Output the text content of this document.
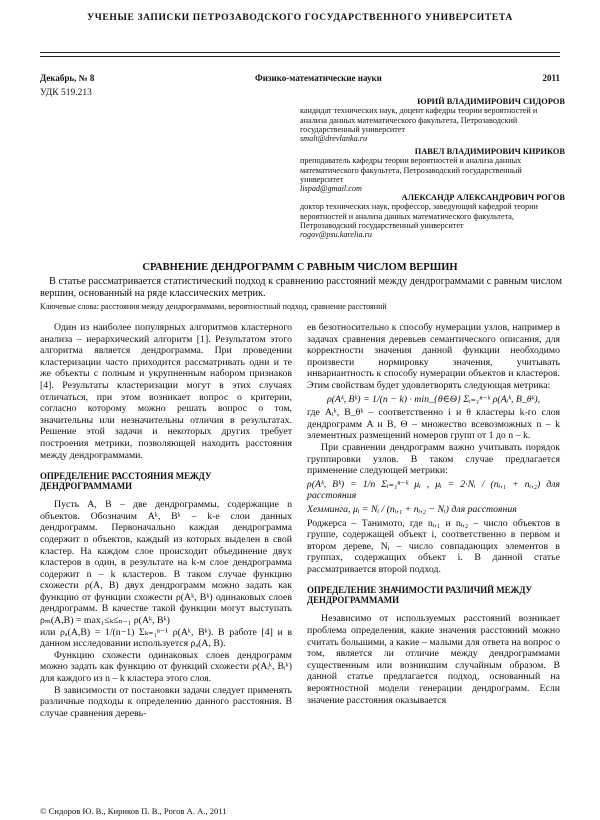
УЧЕНЫЕ ЗАПИСКИ ПЕТРОЗАВОДСКОГО ГОСУДАРСТВЕННОГО УНИВЕРСИТЕТА
Декабрь, № 8	Физико-математические науки	2011
УДК 519.213
ЮРИЙ ВЛАДИМИРОВИЧ СИДОРОВ
кандидат технических наук, доцент кафедры теории вероятностей и анализа данных математического факультета, Петрозаводский государственный университет
smalt@drevlanka.ru
ПАВЕЛ ВЛАДИМИРОВИЧ КИРИКОВ
преподаватель кафедры теории вероятностей и анализа данных математического факультета, Петрозаводский государственный университет
lispad@gmail.com
АЛЕКСАНДР АЛЕКСАНДРОВИЧ РОГОВ
доктор технических наук, профессор, заведующий кафедрой теории вероятностей и анализа данных математического факультета, Петрозаводский государственный университет
rogov@psu.karelia.ru
СРАВНЕНИЕ ДЕНДРОГРАММ С РАВНЫМ ЧИСЛОМ ВЕРШИН
В статье рассматривается статистический подход к сравнению расстояний между дендрограммами с равным числом вершин, основанный на ряде классических метрик.
Ключевые слова: расстояния между дендрограммами, вероятностный подход, сравнение расстояний

Один из наиболее популярных алгоритмов кластерного анализа – иерархический алгоритм [1]. Результатом этого алгоритма является дендрограмма. При проведении кластеризации часто приходится рассматривать одни и те же объекты с полным и укрупненным набором признаков [4]. Результаты кластеризации могут в этих случаях отличаться, при этом возникает вопрос о критерии, согласно которому можно решать вопрос о том, значительны или незначительны отличия в результатах. Решение этой задачи и некоторых других требует построения метрики, позволяющей находить расстояния между дендрограммами.

ОПРЕДЕЛЕНИЕ РАССТОЯНИЯ МЕЖДУ ДЕНДРОГРАММАМИ

Пусть A, B – две дендрограммы, содержащие n объектов. Обозначим Aᵏ, Bᵏ – k-е слои данных дендрограмм. Первоначально каждая дендрограмма содержит n объектов, каждый из которых выделен в свой кластер. На каждом слое происходит объединение двух кластеров в один, в результате на k-м слое дендрограмма содержит n – k кластеров. В таком случае функцию схожести ρ(A, B) двух дендрограмм можно задать как функцию от функции схожести ρ(Aᵏ, Bᵏ) одинаковых слоев дендрограмм. В качестве такой функции могут выступать ρₘ(A,B) = max₁≤ₖ≤ₙ₋₁ ρ(Aᵏ, Bᵏ)

или ρₐ(A,B) = 1/(n−1) Σₖ₌₁ⁿ⁻¹ ρ(Aᵏ, Bᵏ). В работе [4] и в данном исследовании используется ρₐ(A, B).

Функцию схожести одинаковых слоев дендрограмм можно задать как функцию от функций схожести ρ(Aᵢᵏ, Bᵢᵏ) для каждого из n – k кластера этого слоя.

В зависимости от постановки задачи следует применять различные подходы к определению данного расстояния. В случае сравнения деревь-

ев безотносительно к способу нумерации узлов, например в задачах сравнения деревьев семантического описания, для корректности значения данной функции необходимо произвести нормировку значения, учитывать инвариантность к способу нумерации объектов и кластеров. Этим свойствам будет удовлетворять следующая метрика:

ρ(Aᵏ, Bᵏ) = 1/(n − k) · min_{θ∈Θ} Σᵢ₌₁ⁿ⁻ᵏ ρ(Aᵢᵏ, B_θᵏ),

где Aᵢᵏ, B_θᵏ – соответственно i и θ кластеры k-го слоя дендрограмм A и B, Θ – множество всевозможных n – k элементных размещений номеров групп от 1 до n – k.

При сравнении дендрограмм важно учитывать порядок группировки узлов. В таком случае предлагается применение следующей метрики:

ρ(Aᵏ, Bᵏ) = 1/n Σᵢ₌₁ⁿ⁻ᵏ μᵢ , μᵢ = 2·Nᵢ / (nᵢ,₁ + nᵢ,₂) для расстояния

Хемминга, μᵢ = Nᵢ / (nᵢ,₁ + nᵢ,₂ − Nᵢ) для расстояния

Роджерса – Танимото, где nᵢ,₁ и nᵢ,₂ – число объектов в группе, содержащей объект i, соответственно в первом и втором дереве, Nᵢ – число совпадающих элементов в группах, содержащих объект i. В данной статье рассматривается второй подход.

ОПРЕДЕЛЕНИЕ ЗНАЧИМОСТИ РАЗЛИЧИЙ МЕЖДУ ДЕНДРОГРАММАМИ

Независимо от используемых расстояний возникает проблема определения, какие значения расстояний можно считать большими, а какие – малыми для ответа на вопрос о том, является ли отличие между дендрограммами существенным или возникшим случайным образом. В данной статье предлагается подход, основанный на вероятностной модели генерации дендрограмм. Если значение расстояния оказывается

© Сидоров Ю. В., Кириков П. В., Рогов А. А., 2011
